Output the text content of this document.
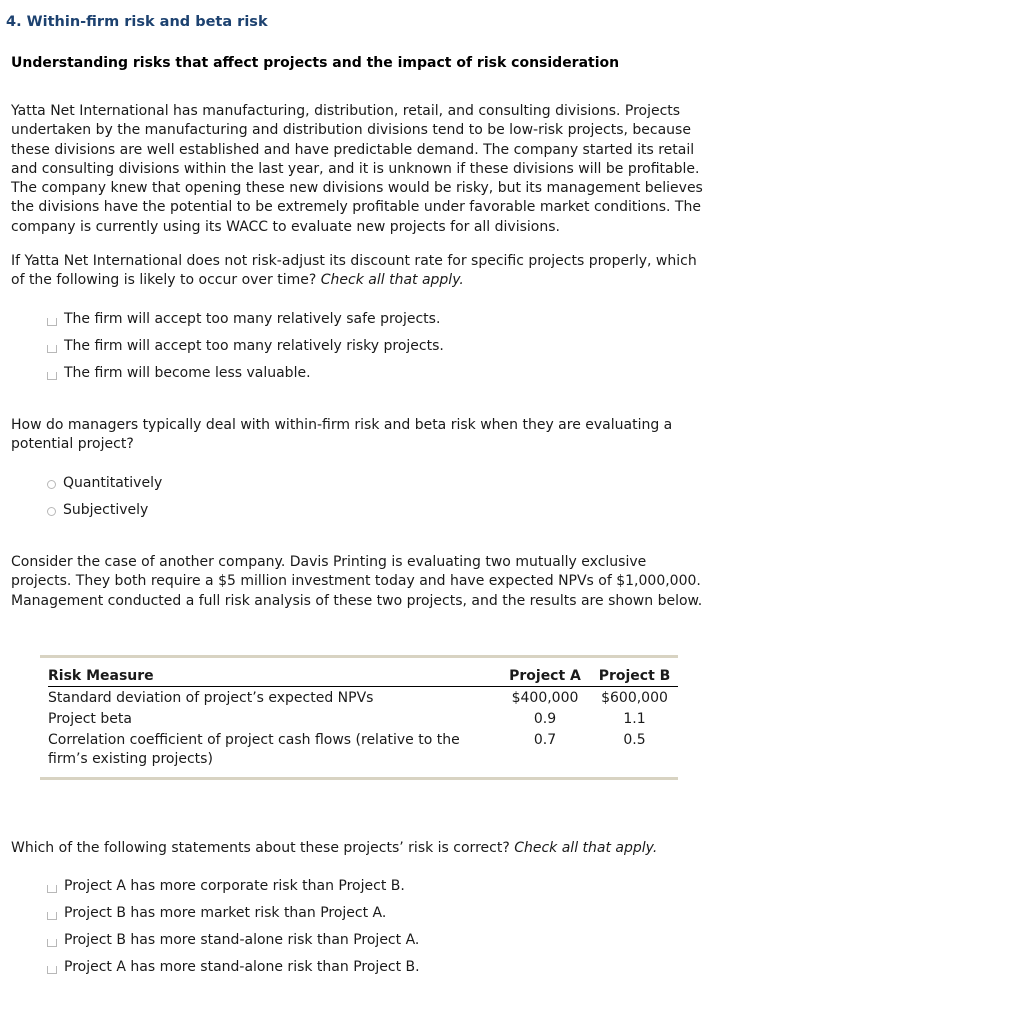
4. Within-firm risk and beta risk
Understanding risks that affect projects and the impact of risk consideration
Yatta Net International has manufacturing, distribution, retail, and consulting divisions. Projects
undertaken by the manufacturing and distribution divisions tend to be low-risk projects, because
these divisions are well established and have predictable demand. The company started its retail
and consulting divisions within the last year, and it is unknown if these divisions will be profitable.
The company knew that opening these new divisions would be risky, but its management believes
the divisions have the potential to be extremely profitable under favorable market conditions. The
company is currently using its WACC to evaluate new projects for all divisions.
If Yatta Net International does not risk-adjust its discount rate for specific projects properly, which
of the following is likely to occur over time? Check all that apply.
The firm will accept too many relatively safe projects.
The firm will accept too many relatively risky projects.
The firm will become less valuable.
How do managers typically deal with within-firm risk and beta risk when they are evaluating a
potential project?
Quantitatively
Subjectively
Consider the case of another company. Davis Printing is evaluating two mutually exclusive
projects. They both require a $5 million investment today and have expected NPVs of $1,000,000.
Management conducted a full risk analysis of these two projects, and the results are shown below.
Risk Measure	Project A	Project B
Standard deviation of project’s expected NPVs	$400,000	$600,000
Project beta	0.9	1.1

Correlation coefficient of project cash flows (relative to the
firm’s existing projects)	0.7	0.5
Which of the following statements about these projects’ risk is correct? Check all that apply.
Project A has more corporate risk than Project B.
Project B has more market risk than Project A.
Project B has more stand-alone risk than Project A.
Project A has more stand-alone risk than Project B.
